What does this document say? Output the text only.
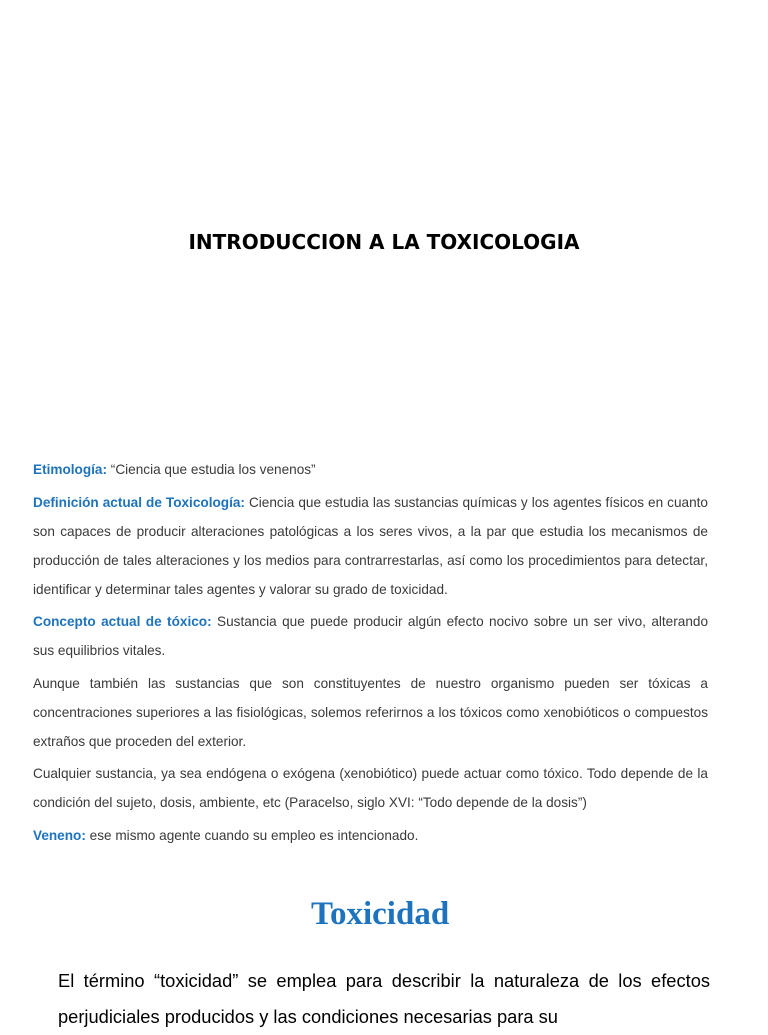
INTRODUCCION A LA TOXICOLOGIA

Etimología: “Ciencia que estudia los venenos”

Definición actual de Toxicología: Ciencia que estudia las sustancias químicas y los agentes físicos en cuanto son capaces de producir alteraciones patológicas a los seres vivos, a la par que estudia los mecanismos de producción de tales alteraciones y los medios para contrarrestarlas, así como los procedimientos para detectar, identificar y determinar tales agentes y valorar su grado de toxicidad.

Concepto actual de tóxico: Sustancia que puede producir algún efecto nocivo sobre un ser vivo, alterando sus equilibrios vitales.

Aunque también las sustancias que son constituyentes de nuestro organismo pueden ser tóxicas a concentraciones superiores a las fisiológicas, solemos referirnos a los tóxicos como xenobióticos o compuestos extraños que proceden del exterior.

Cualquier sustancia, ya sea endógena o exógena (xenobiótico) puede actuar como tóxico. Todo depende de la condición del sujeto, dosis, ambiente, etc (Paracelso, siglo XVI: “Todo depende de la dosis”)

Veneno: ese mismo agente cuando su empleo es intencionado.

Toxicidad

El término “toxicidad” se emplea para describir la naturaleza de los efectos perjudiciales producidos y las condiciones necesarias para su
